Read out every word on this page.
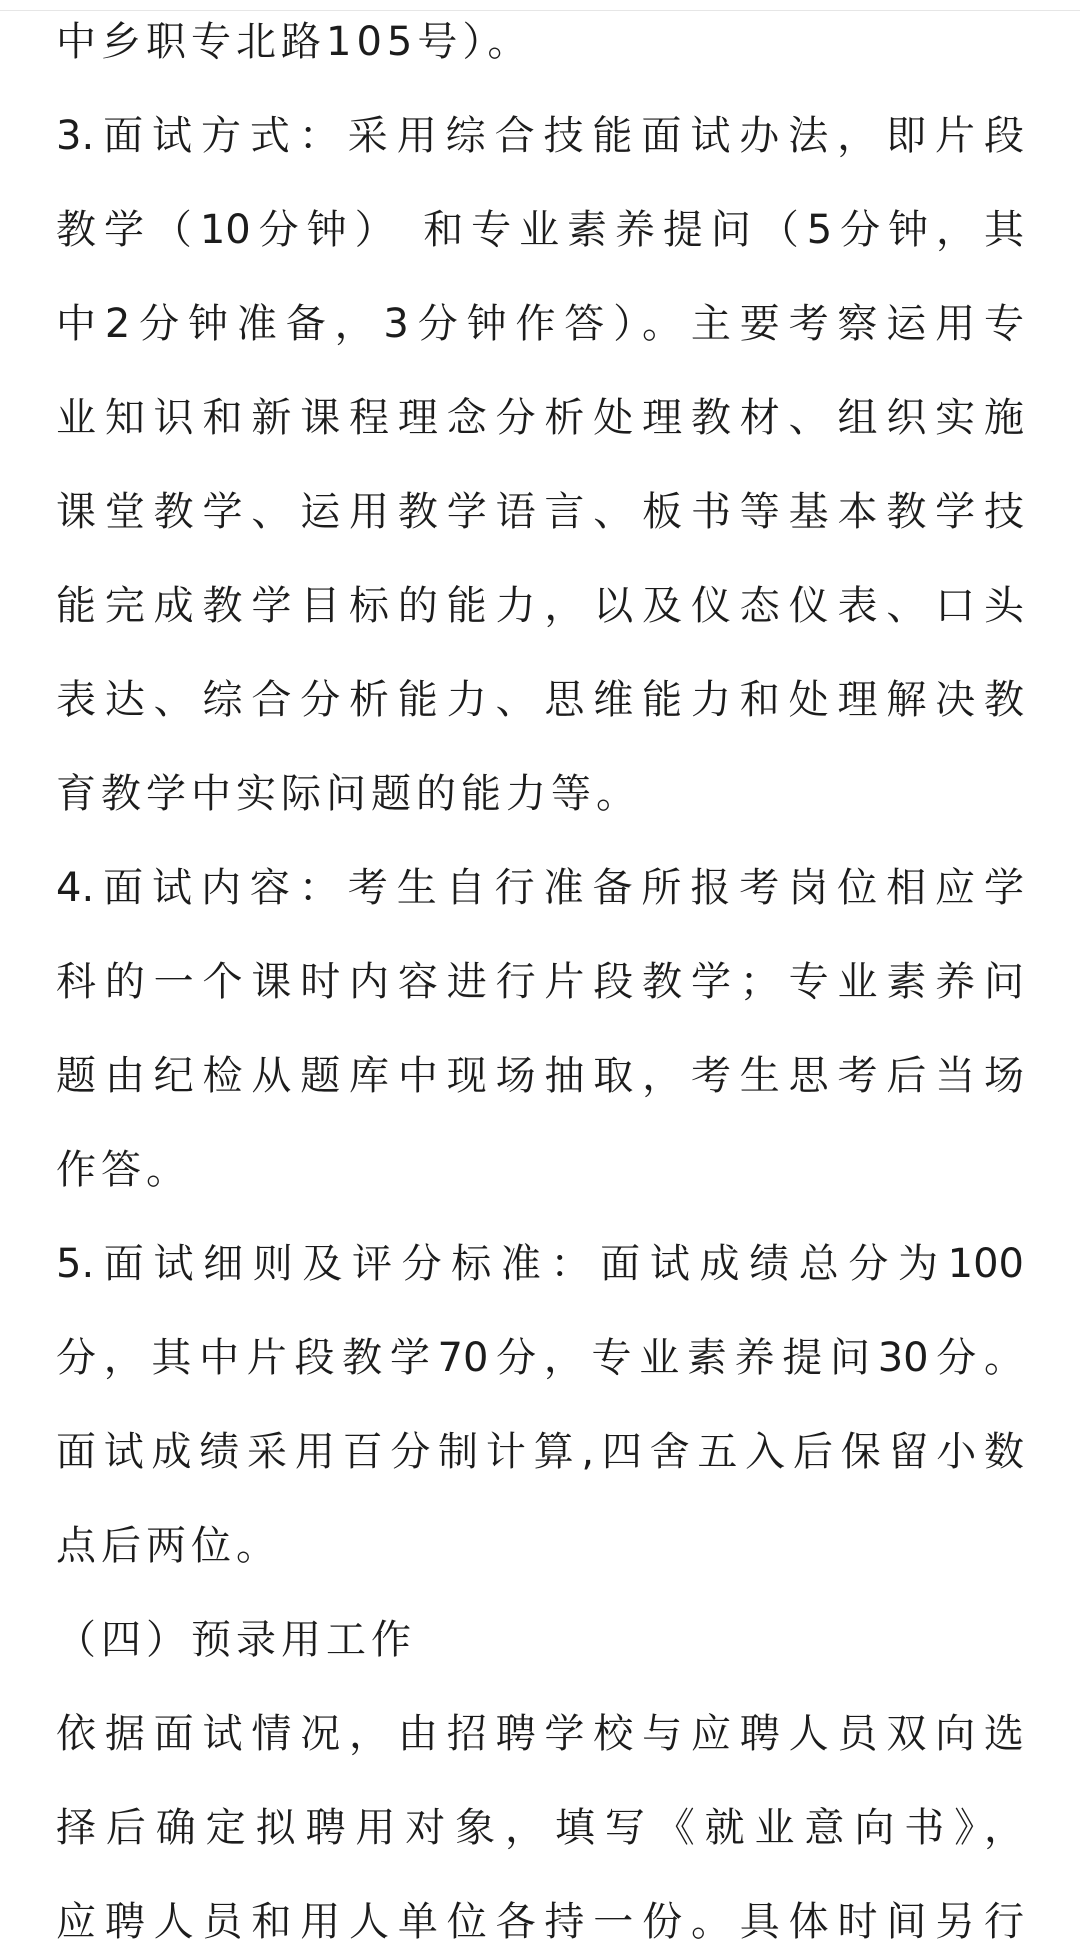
中乡职专北路105号）。
3.面试方式：采用综合技能面试办法，即片段
教学（10分钟） 和专业素养提问（5分钟，其
中2分钟准备，3分钟作答）。主要考察运用专
业知识和新课程理念分析处理教材、组织实施
课堂教学、运用教学语言、板书等基本教学技
能完成教学目标的能力，以及仪态仪表、口头
表达、综合分析能力、思维能力和处理解决教
育教学中实际问题的能力等。
4.面试内容：考生自行准备所报考岗位相应学
科的一个课时内容进行片段教学；专业素养问
题由纪检从题库中现场抽取，考生思考后当场
作答。
5.面试细则及评分标准：面试成绩总分为100
分，其中片段教学70分，专业素养提问30分。
面试成绩采用百分制计算,四舍五入后保留小数
点后两位。
（四）预录用工作
依据面试情况，由招聘学校与应聘人员双向选
择后确定拟聘用对象，填写《就业意向书》，
应聘人员和用人单位各持一份。具体时间另行
